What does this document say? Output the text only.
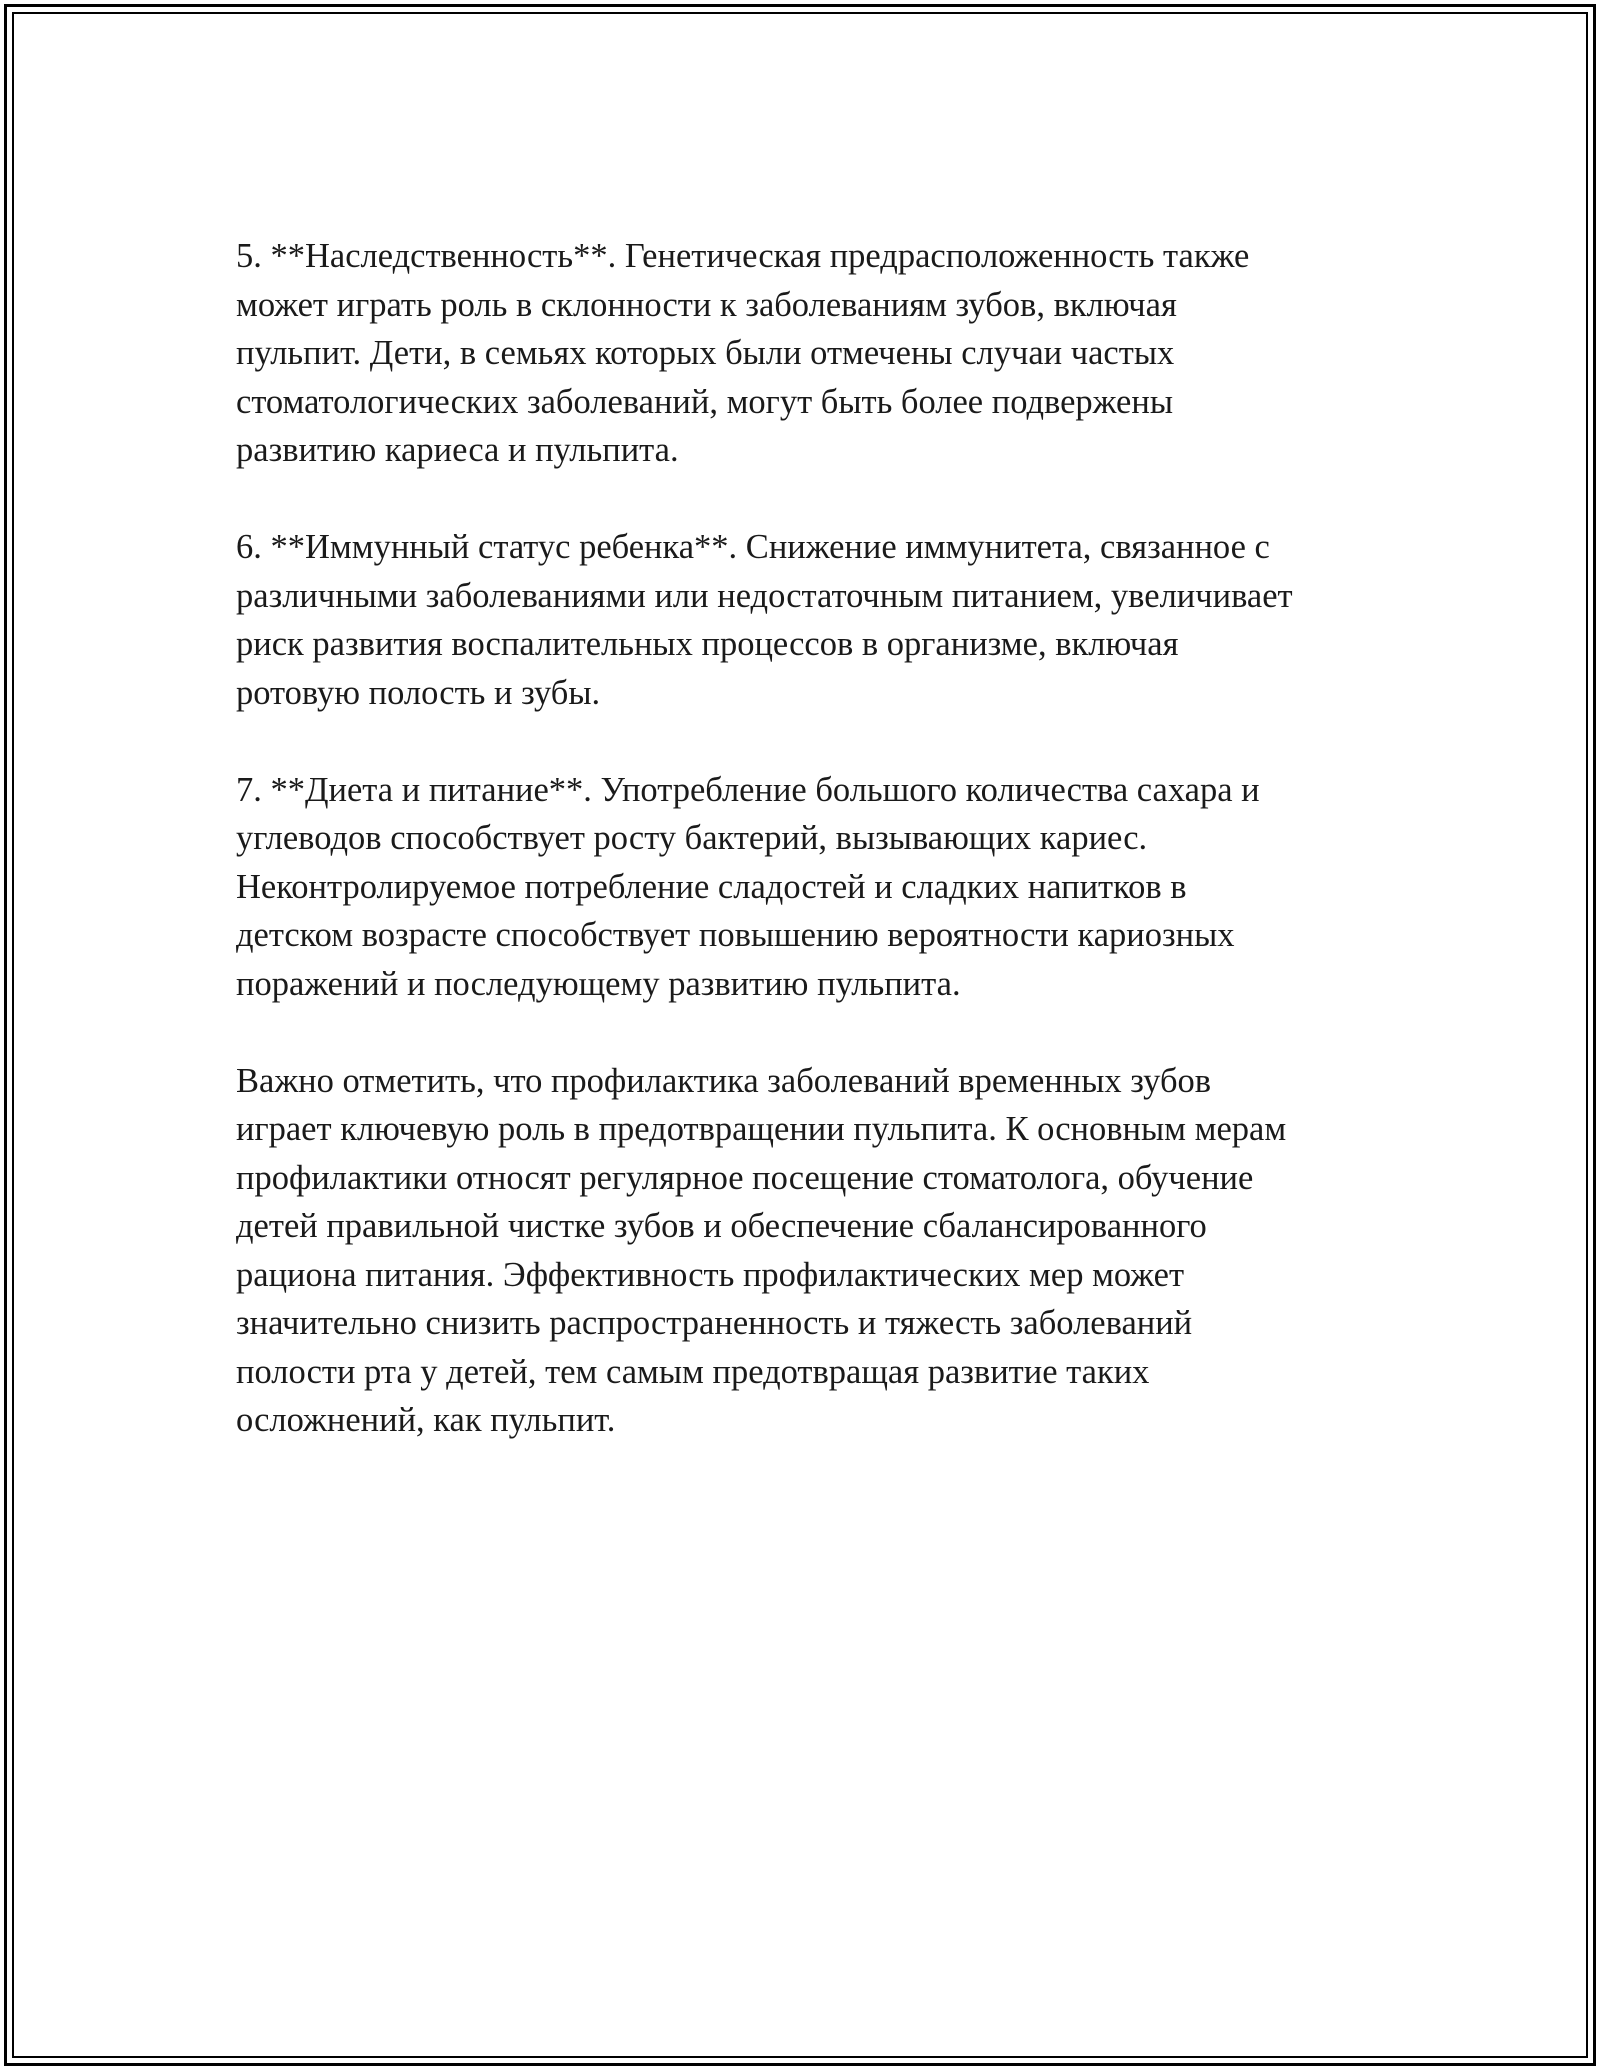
5. **Наследственность**. Генетическая предрасположенность также
может играть роль в склонности к заболеваниям зубов, включая
пульпит. Дети, в семьях которых были отмечены случаи частых
стоматологических заболеваний, могут быть более подвержены
развитию кариеса и пульпита.

6. **Иммунный статус ребенка**. Снижение иммунитета, связанное с
различными заболеваниями или недостаточным питанием, увеличивает
риск развития воспалительных процессов в организме, включая
ротовую полость и зубы.

7. **Диета и питание**. Употребление большого количества сахара и
углеводов способствует росту бактерий, вызывающих кариес.
Неконтролируемое потребление сладостей и сладких напитков в
детском возрасте способствует повышению вероятности кариозных
поражений и последующему развитию пульпита.

Важно отметить, что профилактика заболеваний временных зубов
играет ключевую роль в предотвращении пульпита. К основным мерам
профилактики относят регулярное посещение стоматолога, обучение
детей правильной чистке зубов и обеспечение сбалансированного
рациона питания. Эффективность профилактических мер может
значительно снизить распространенность и тяжесть заболеваний
полости рта у детей, тем самым предотвращая развитие таких
осложнений, как пульпит.
